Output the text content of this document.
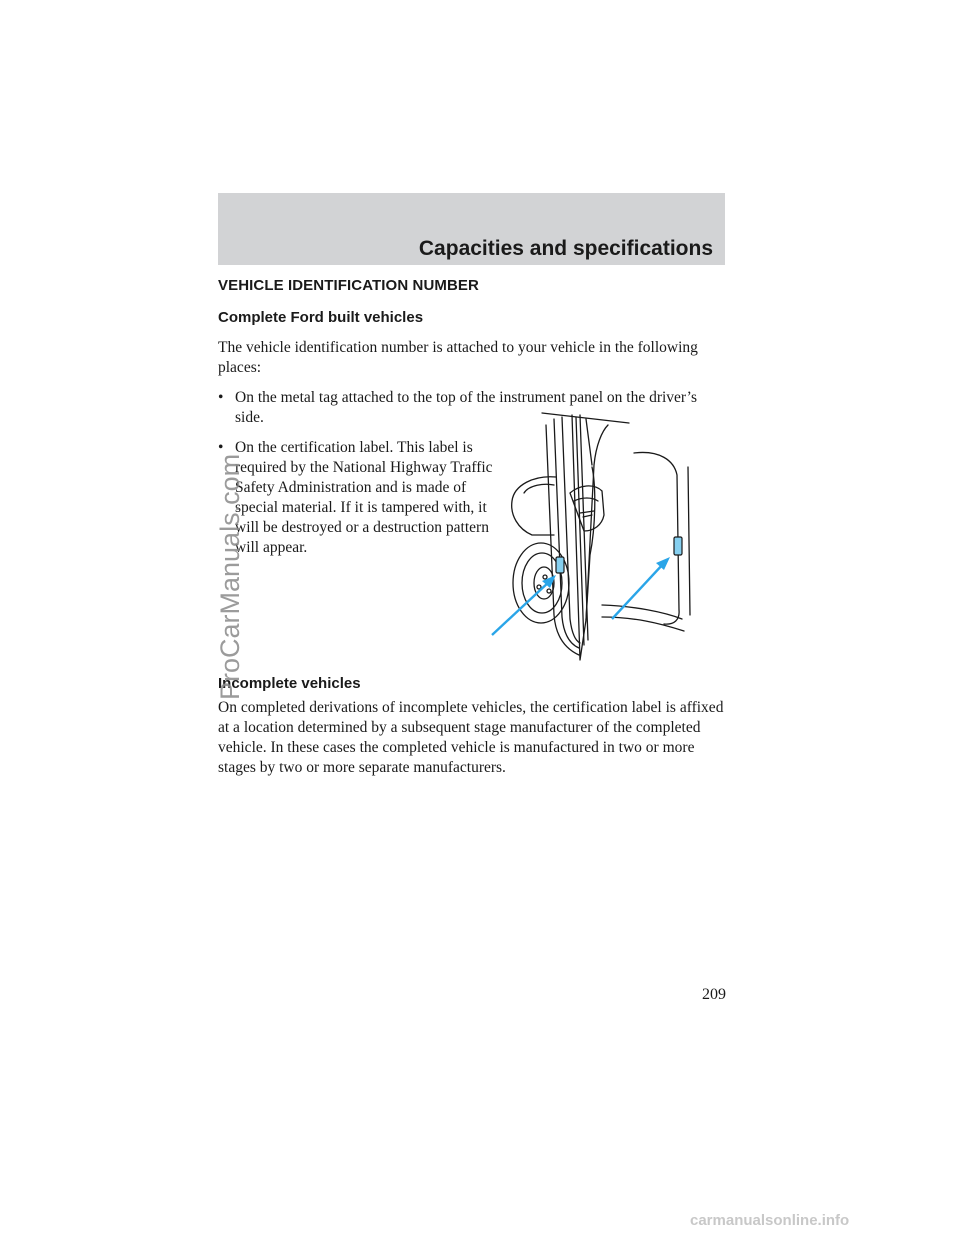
Capacities and specifications
VEHICLE IDENTIFICATION NUMBER
Complete Ford built vehicles

The vehicle identification number is attached to your vehicle in the following places:

• On the metal tag attached to the top of the instrument panel on the driver’s side.
• On the certification label. This label is required by the National Highway Traffic Safety Administration and is made of special material. If it is tampered with, it will be destroyed or a destruction pattern will appear.
Incomplete vehicles

On completed derivations of incomplete vehicles, the certification label is affixed at a location determined by a subsequent stage manufacturer of the completed vehicle. In these cases the completed vehicle is manufactured in two or more stages by two or more separate manufacturers.

209
ProCarManuals.com
carmanualsonline.info
